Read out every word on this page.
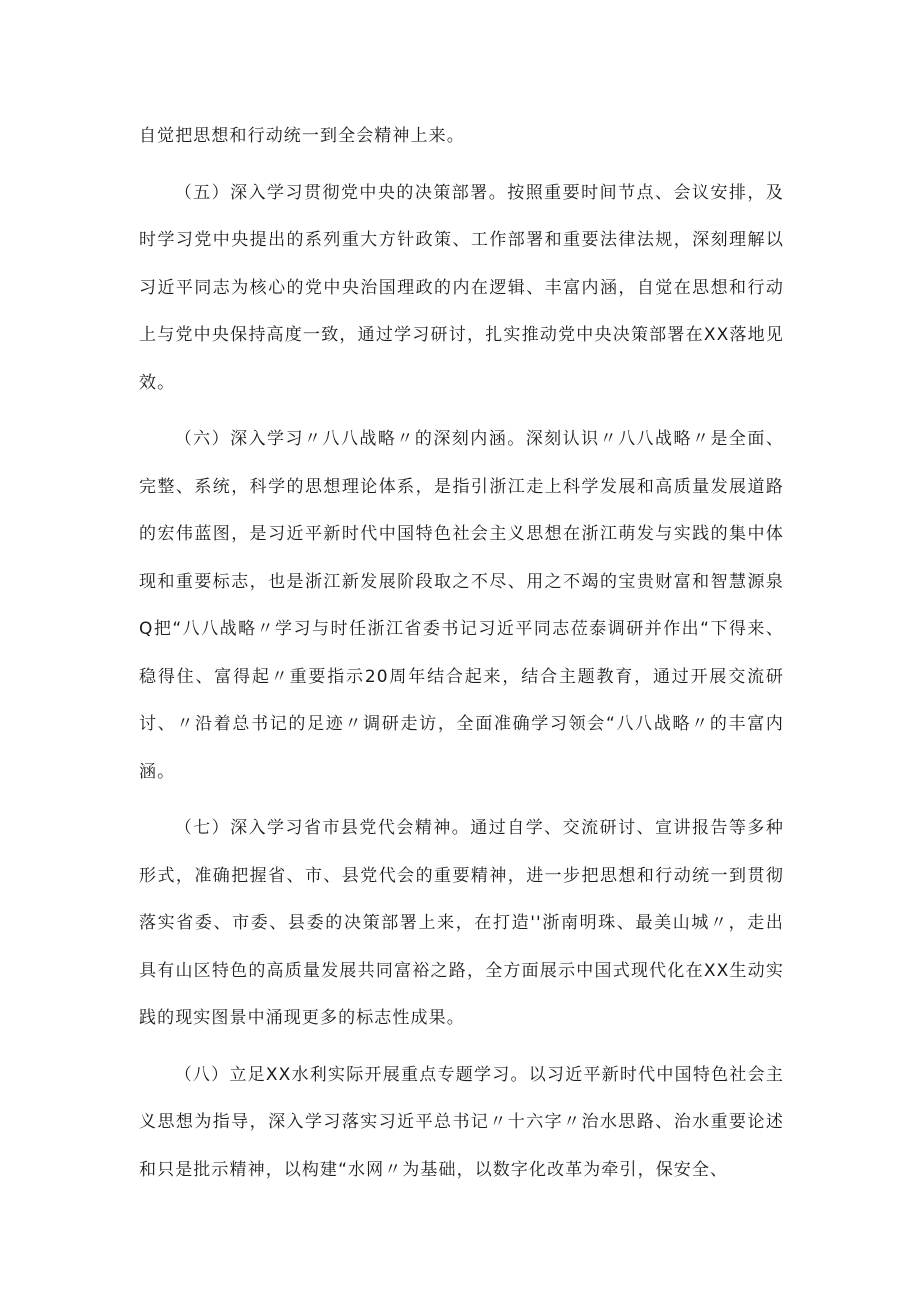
自觉把思想和行动统一到全会精神上来。

（五）深入学习贯彻党中央的决策部署。按照重要时间节点、会议安排，及时学习党中央提出的系列重大方针政策、工作部署和重要法律法规，深刻理解以习近平同志为核心的党中央治国理政的内在逻辑、丰富内涵，自觉在思想和行动上与党中央保持高度一致，通过学习研讨，扎实推动党中央决策部署在XX落地见效。

（六）深入学习〃八八战略〃的深刻内涵。深刻认识〃八八战略〃是全面、完整、系统，科学的思想理论体系，是指引浙江走上科学发展和高质量发展道路的宏伟蓝图，是习近平新时代中国特色社会主义思想在浙江萌发与实践的集中体现和重要标志，也是浙江新发展阶段取之不尽、用之不竭的宝贵财富和智慧源泉Q把“八八战略〃学习与时任浙江省委书记习近平同志莅泰调研并作出“下得来、稳得住、富得起〃重要指示20周年结合起来，结合主题教育，通过开展交流研讨、〃沿着总书记的足迹〃调研走访，全面准确学习领会“八八战略〃的丰富内涵。

（七）深入学习省市县党代会精神。通过自学、交流研讨、宣讲报告等多种形式，准确把握省、市、县党代会的重要精神，进一步把思想和行动统一到贯彻落实省委、市委、县委的决策部署上来，在打造''浙南明珠、最美山城〃，走出具有山区特色的高质量发展共同富裕之路，全方面展示中国式现代化在XX生动实践的现实图景中涌现更多的标志性成果。

（八）立足XX水利实际开展重点专题学习。以习近平新时代中国特色社会主义思想为指导，深入学习落实习近平总书记〃十六字〃治水思路、治水重要论述和只是批示精神，以构建“水网〃为基础，以数字化改革为牵引，保安全、
